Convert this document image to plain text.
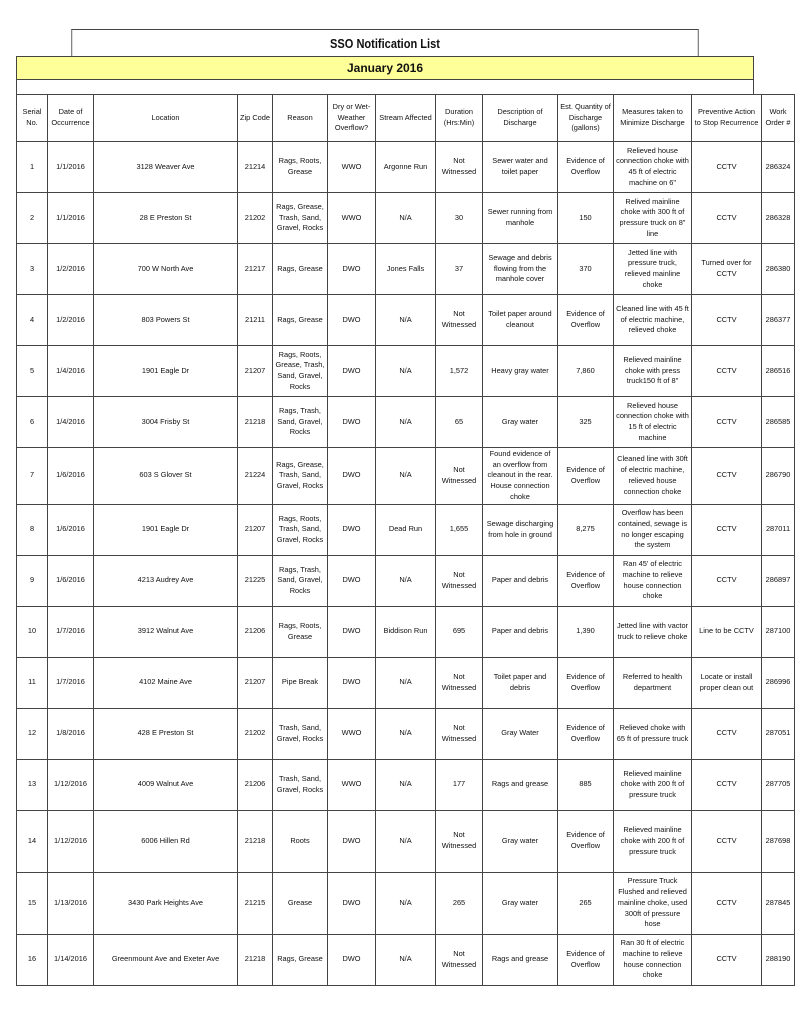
SSO Notification List
January 2016
Serial No.	Date of Occurrence	Location	Zip Code	Reason	Dry or Wet-Weather Overflow?	Stream Affected	Duration (Hrs:Min)	Description of Discharge	Est. Quantity of Discharge (gallons)	Measures taken to Minimize Discharge	Preventive Action to Stop Recurrence	Work Order #
1	1/1/2016	3128 Weaver Ave	21214	Rags, Roots, Grease	WWO	Argonne Run	Not Witnessed	Sewer water and toilet paper	Evidence of Overflow	Relieved house connection choke with 45 ft of electric machine on 6"	CCTV	286324
2	1/1/2016	28 E Preston St	21202	Rags, Grease, Trash, Sand, Gravel, Rocks	WWO	N/A	30	Sewer running from manhole	150	Relived mainline choke with 300 ft of pressure truck on 8" line	CCTV	286328
3	1/2/2016	700 W North Ave	21217	Rags, Grease	DWO	Jones Falls	37	Sewage and debris flowing from the manhole cover	370	Jetted line with pressure truck, relieved mainline choke	Turned over for CCTV	286380
4	1/2/2016	803 Powers St	21211	Rags, Grease	DWO	N/A	Not Witnessed	Toilet paper around cleanout	Evidence of Overflow	Cleaned line with 45 ft of electric machine, relieved choke	CCTV	286377
5	1/4/2016	1901 Eagle Dr	21207	Rags, Roots, Grease, Trash, Sand, Gravel, Rocks	DWO	N/A	1,572	Heavy gray water	7,860	Relieved mainline choke with press truck150 ft of 8"	CCTV	286516
6	1/4/2016	3004 Frisby St	21218	Rags, Trash, Sand, Gravel, Rocks	DWO	N/A	65	Gray water	325	Relieved house connection choke with 15 ft of electric machine	CCTV	286585
7	1/6/2016	603 S Glover St	21224	Rags, Grease, Trash, Sand, Gravel, Rocks	DWO	N/A	Not Witnessed	Found evidence of an overflow from cleanout in the rear. House connection choke	Evidence of Overflow	Cleaned line with 30ft of electric machine, relieved house connection choke	CCTV	286790
8	1/6/2016	1901 Eagle Dr	21207	Rags, Roots, Trash, Sand, Gravel, Rocks	DWO	Dead Run	1,655	Sewage discharging from hole in ground	8,275	Overflow has been contained, sewage is no longer escaping the system	CCTV	287011
9	1/6/2016	4213 Audrey Ave	21225	Rags, Trash, Sand, Gravel, Rocks	DWO	N/A	Not Witnessed	Paper and debris	Evidence of Overflow	Ran 45' of electric machine to relieve house connection choke	CCTV	286897
10	1/7/2016	3912 Walnut Ave	21206	Rags, Roots, Grease	DWO	Biddison Run	695	Paper and debris	1,390	Jetted line with vactor truck to relieve choke	Line to be CCTV	287100
11	1/7/2016	4102 Maine Ave	21207	Pipe Break	DWO	N/A	Not Witnessed	Toilet paper and debris	Evidence of Overflow	Referred to health department	Locate or install proper clean out	286996
12	1/8/2016	428 E Preston St	21202	Trash, Sand, Gravel, Rocks	WWO	N/A	Not Witnessed	Gray Water	Evidence of Overflow	Relieved choke with 65 ft of pressure truck	CCTV	287051
13	1/12/2016	4009 Walnut Ave	21206	Trash, Sand, Gravel, Rocks	WWO	N/A	177	Rags and grease	885	Relieved mainline choke with 200 ft of pressure truck	CCTV	287705
14	1/12/2016	6006 Hillen Rd	21218	Roots	DWO	N/A	Not Witnessed	Gray water	Evidence of Overflow	Relieved mainline choke with 200 ft of pressure truck	CCTV	287698
15	1/13/2016	3430 Park Heights Ave	21215	Grease	DWO	N/A	265	Gray water	265	Pressure Truck Flushed and relieved mainline choke, used 300ft of pressure hose	CCTV	287845
16	1/14/2016	Greenmount Ave and Exeter Ave	21218	Rags, Grease	DWO	N/A	Not Witnessed	Rags and grease	Evidence of Overflow	Ran 30 ft of electric machine to relieve house connection choke	CCTV	288190
